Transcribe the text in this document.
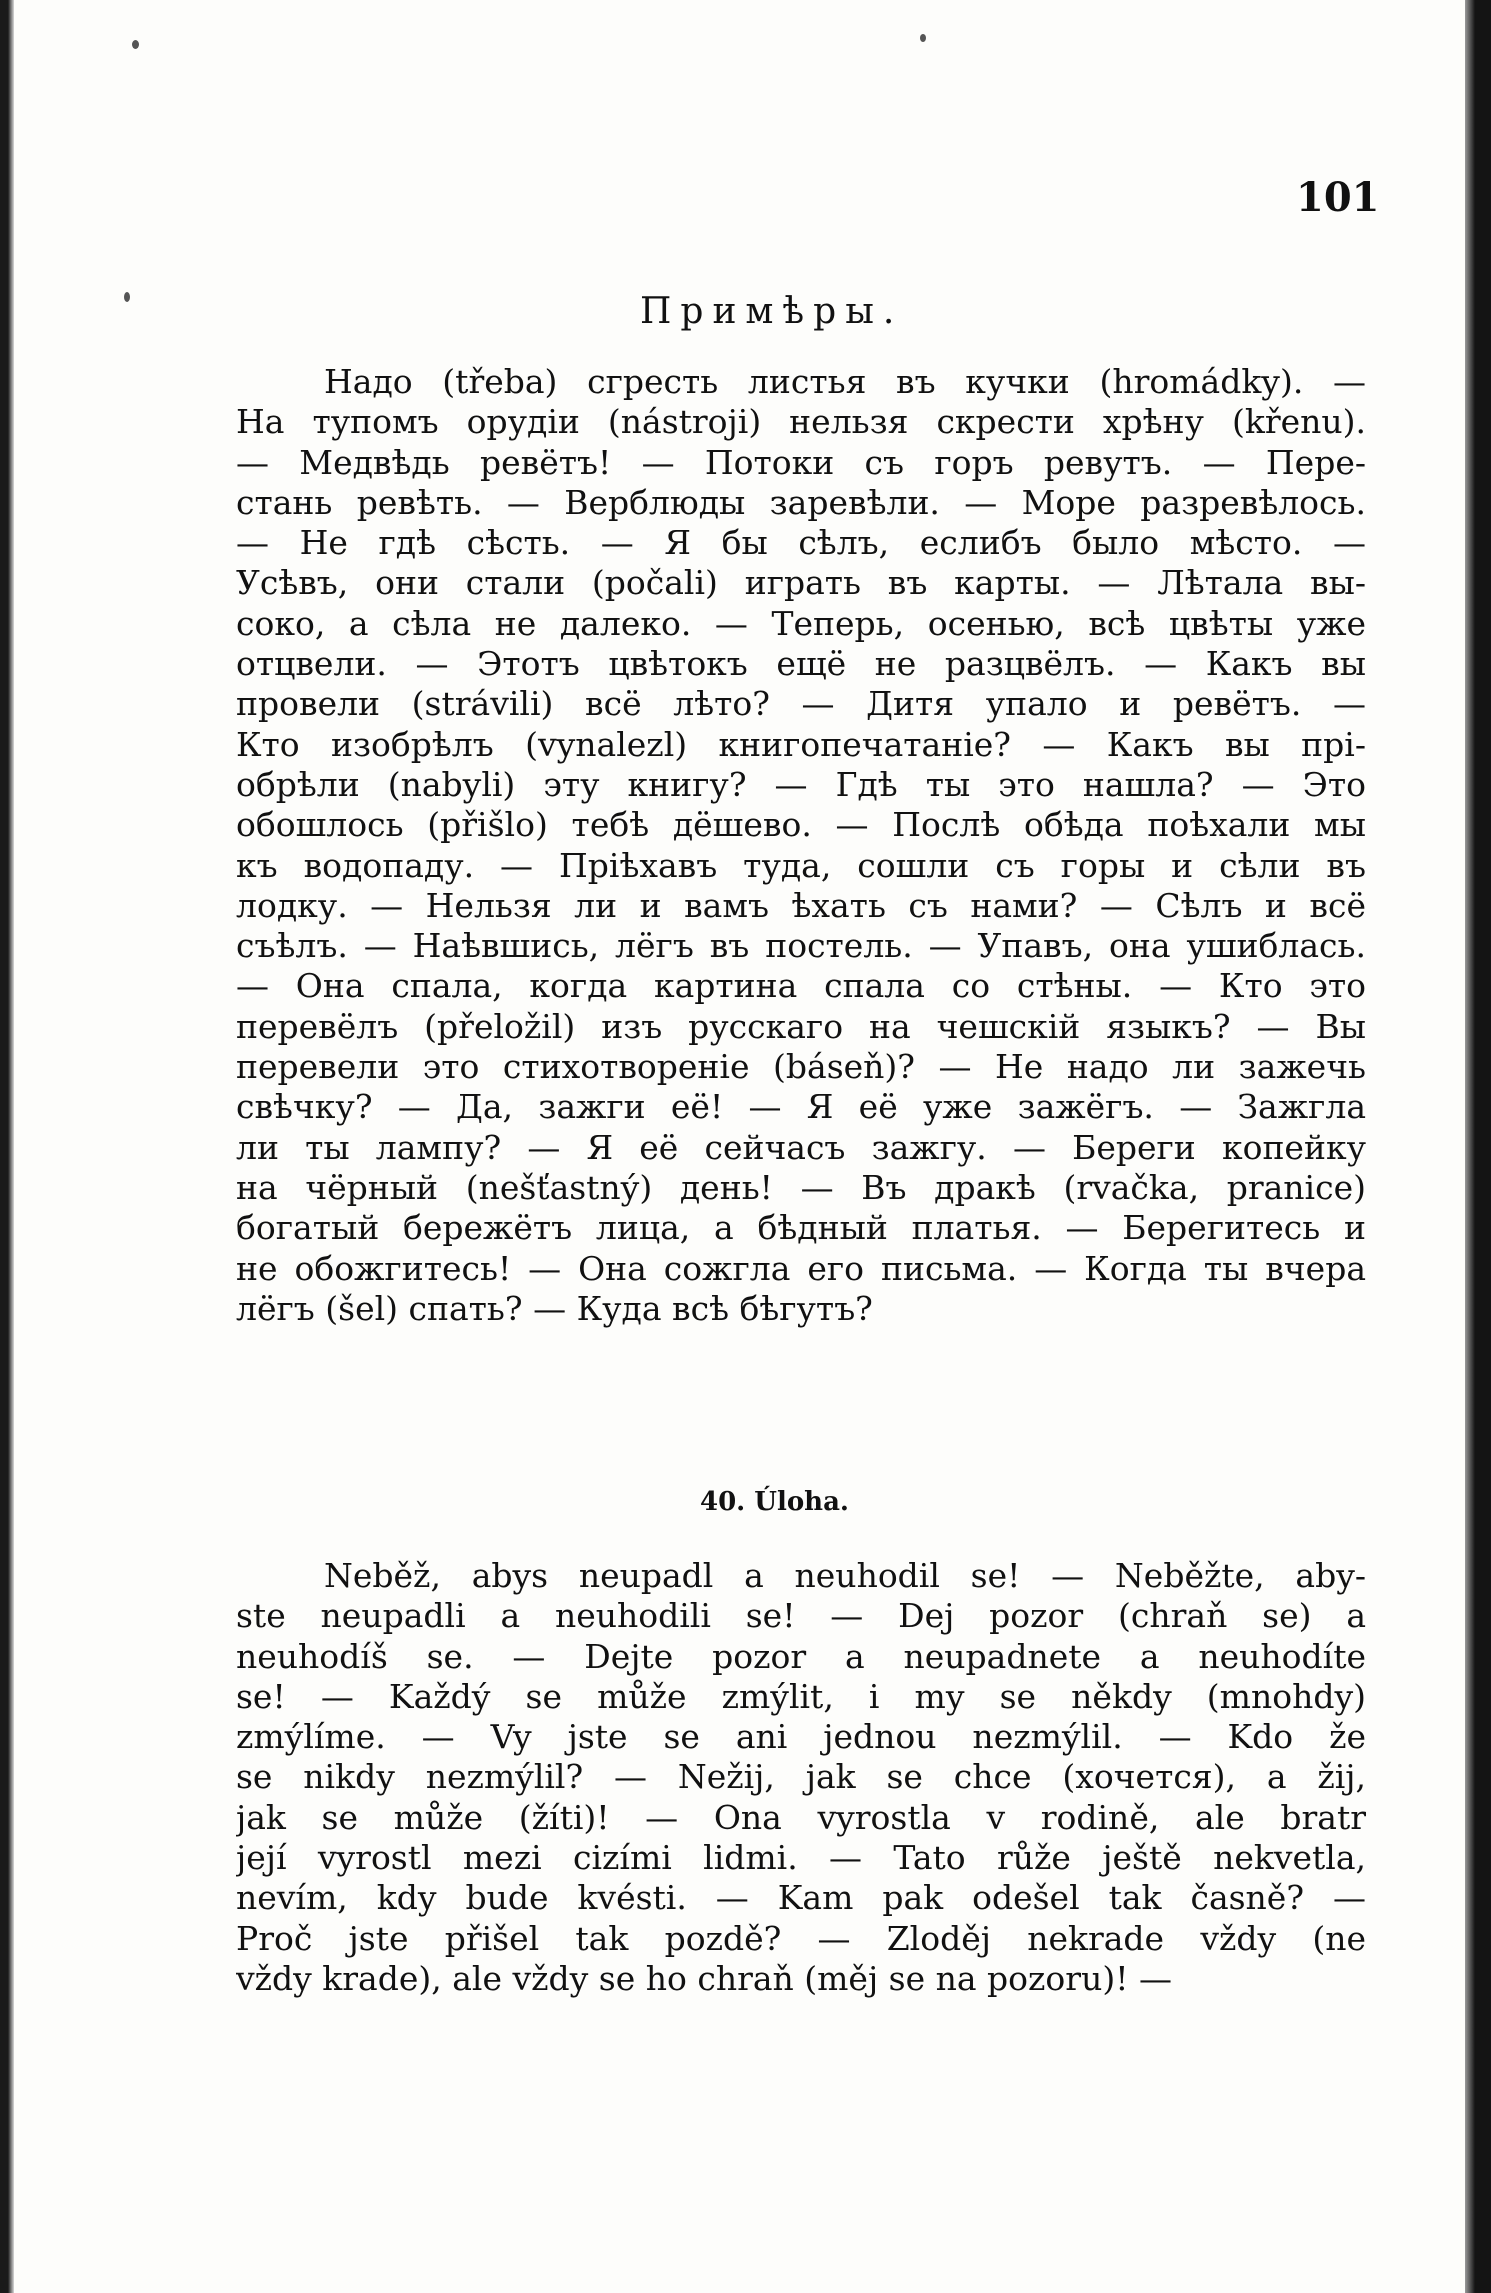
101
Примѣры.
Надо (třeba) сгресть листья въ кучки (hromádky). —
На тупомъ орудіи (nástroji) нельзя скрести хрѣну (křenu).
— Медвѣдь ревётъ! — Потоки съ горъ ревутъ. — Пере-
стань ревѣть. — Верблюды заревѣли. — Море разревѣлось.
— Не гдѣ сѣсть. — Я бы сѣлъ, еслибъ было мѣсто. —
Усѣвъ, они стали (počali) играть въ карты. — Лѣтала вы-
соко, а сѣла не далеко. — Теперь, осенью, всѣ цвѣты уже
отцвели. — Этотъ цвѣтокъ ещё не разцвёлъ. — Какъ вы
провели (strávili) всё лѣто? — Дитя упало и ревётъ. —
Кто изобрѣлъ (vynalezl) книгопечатаніе? — Какъ вы прі-
обрѣли (nabyli) эту книгу? — Гдѣ ты это нашла? — Это
обошлось (přišlo) тебѣ дёшево. — Послѣ обѣда поѣхали мы
къ водопаду. — Пріѣхавъ туда, сошли съ горы и сѣли въ
лодку. — Нельзя ли и вамъ ѣхать съ нами? — Сѣлъ и всё
съѣлъ. — Наѣвшись, лёгъ въ постель. — Упавъ, она ушиблась.
— Она спала, когда картина спала со стѣны. — Кто это
перевёлъ (přeložil) изъ русскаго на чешскій языкъ? — Вы
перевели это стихотвореніе (báseň)? — Не надо ли зажечь
свѣчку? — Да, зажги её! — Я её уже зажёгъ. — Зажгла
ли ты лампу? — Я её сейчасъ зажгу. — Береги копейку
на чёрный (nešťastný) день! — Въ дракѣ (rvačka, pranice)
богатый бережётъ лица, а бѣдный платья. — Берегитесь и
не обожгитесь! — Она сожгла его письма. — Когда ты вчера
лёгъ (šel) спать? — Куда всѣ бѣгутъ?
40. Úloha.
Neběž, abys neupadl a neuhodil se! — Neběžte, aby-
ste neupadli a neuhodili se! — Dej pozor (chraň se) a
neuhodíš se. — Dejte pozor a neupadnete a neuhodíte
se! — Každý se může zmýlit, i my se někdy (mnohdy)
zmýlíme. — Vy jste se ani jednou nezmýlil. — Kdo že
se nikdy nezmýlil? — Nežij, jak se chce (хочется), a žij,
jak se může (žíti)! — Ona vyrostla v rodině, ale bratr
její vyrostl mezi cizími lidmi. — Tato růže ještě nekvetla,
nevím, kdy bude kvésti. — Kam pak odešel tak časně? —
Proč jste přišel tak pozdě? — Zloděj nekrade vždy (ne
vždy krade), ale vždy se ho chraň (měj se na pozoru)! —
